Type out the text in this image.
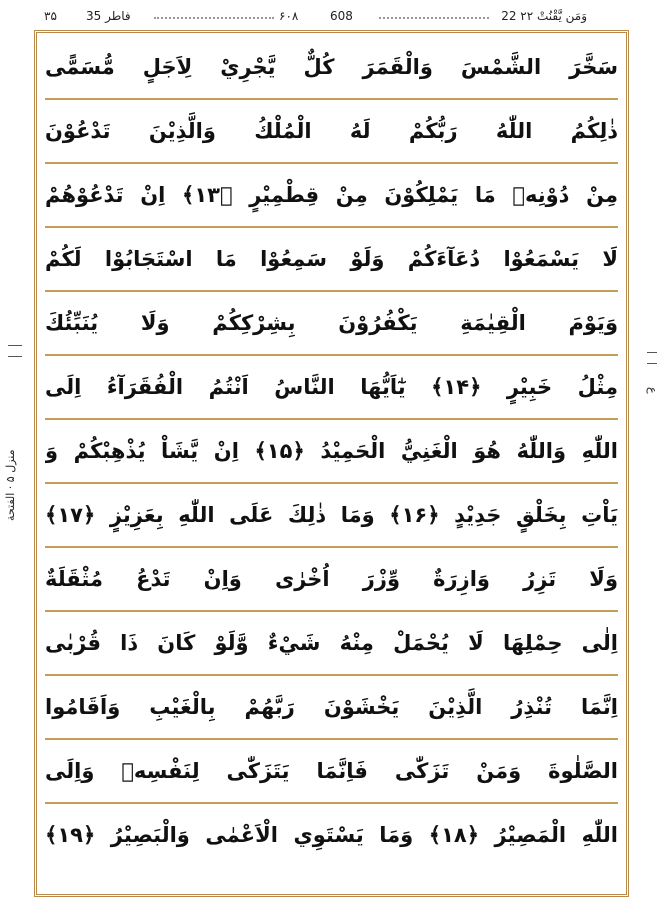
۳۵ فاطر 35	۶۰۸	608	22 وَمَن يَّقْنُتْ ۲۲
منزل ۵ · الفتحة
ع
سَخَّرَ الشَّمْسَ وَالْقَمَرَ كُلٌّ يَّجْرِيْ لِاَجَلٍ مُّسَمًّى
ذٰلِكُمُ اللّٰهُ رَبُّكُمْ لَهُ الْمُلْكُ وَالَّذِيْنَ تَدْعُوْنَ
مِنْ دُوْنِهٖ مَا يَمْلِكُوْنَ مِنْ قِطْمِيْرٍ ﴿۱۳﴾ اِنْ تَدْعُوْهُمْ
لَا يَسْمَعُوْا دُعَآءَكُمْ وَلَوْ سَمِعُوْا مَا اسْتَجَابُوْا لَكُمْ
وَيَوْمَ الْقِيٰمَةِ يَكْفُرُوْنَ بِشِرْكِكُمْ وَلَا يُنَبِّئُكَ
مِثْلُ خَبِيْرٍ ﴿۱۴﴾ يٰٓاَيُّهَا النَّاسُ اَنْتُمُ الْفُقَرَآءُ اِلَى
اللّٰهِ وَاللّٰهُ هُوَ الْغَنِيُّ الْحَمِيْدُ ﴿۱۵﴾ اِنْ يَّشَاْ يُذْهِبْكُمْ وَ
يَاْتِ بِخَلْقٍ جَدِيْدٍ ﴿۱۶﴾ وَمَا ذٰلِكَ عَلَى اللّٰهِ بِعَزِيْزٍ ﴿۱۷﴾
وَلَا تَزِرُ وَازِرَةٌ وِّزْرَ اُخْرٰى وَاِنْ تَدْعُ مُثْقَلَةٌ
اِلٰى حِمْلِهَا لَا يُحْمَلْ مِنْهُ شَيْءٌ وَّلَوْ كَانَ ذَا قُرْبٰى
اِنَّمَا تُنْذِرُ الَّذِيْنَ يَخْشَوْنَ رَبَّهُمْ بِالْغَيْبِ وَاَقَامُوا
الصَّلٰوةَ وَمَنْ تَزَكّٰى فَاِنَّمَا يَتَزَكّٰى لِنَفْسِهٖ وَاِلَى
اللّٰهِ الْمَصِيْرُ ﴿۱۸﴾ وَمَا يَسْتَوِي الْاَعْمٰى وَالْبَصِيْرُ ﴿۱۹﴾
